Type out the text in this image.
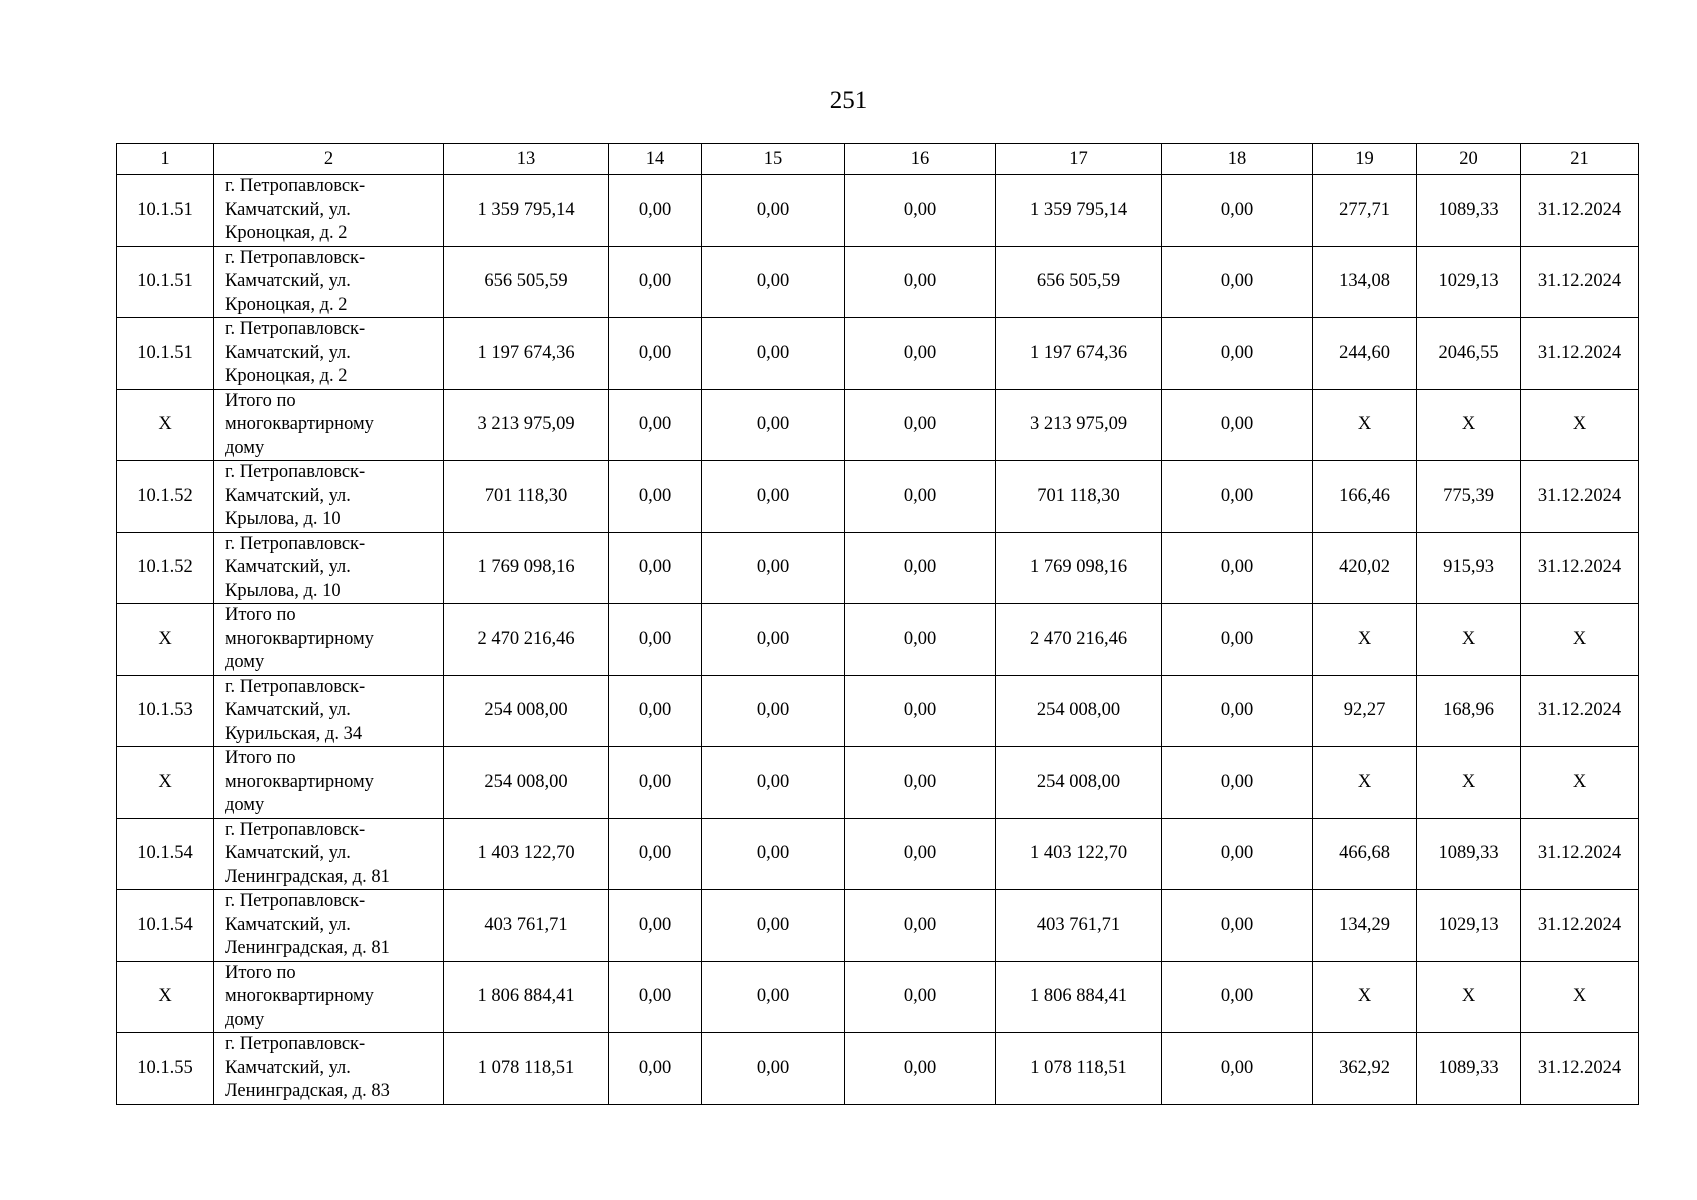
251
1	2	13	14	15	16	17	18	19	20	21
10.1.51	г. Петропавловск-
Камчатский, ул.
Кроноцкая, д. 2	1 359 795,14	0,00	0,00	0,00	1 359 795,14	0,00	277,71	1089,33	31.12.2024
10.1.51	г. Петропавловск-
Камчатский, ул.
Кроноцкая, д. 2	656 505,59	0,00	0,00	0,00	656 505,59	0,00	134,08	1029,13	31.12.2024
10.1.51	г. Петропавловск-
Камчатский, ул.
Кроноцкая, д. 2	1 197 674,36	0,00	0,00	0,00	1 197 674,36	0,00	244,60	2046,55	31.12.2024
X	Итого по
многоквартирному
дому	3 213 975,09	0,00	0,00	0,00	3 213 975,09	0,00	X	X	X
10.1.52	г. Петропавловск-
Камчатский, ул.
Крылова, д. 10	701 118,30	0,00	0,00	0,00	701 118,30	0,00	166,46	775,39	31.12.2024
10.1.52	г. Петропавловск-
Камчатский, ул.
Крылова, д. 10	1 769 098,16	0,00	0,00	0,00	1 769 098,16	0,00	420,02	915,93	31.12.2024
X	Итого по
многоквартирному
дому	2 470 216,46	0,00	0,00	0,00	2 470 216,46	0,00	X	X	X
10.1.53	г. Петропавловск-
Камчатский, ул.
Курильская, д. 34	254 008,00	0,00	0,00	0,00	254 008,00	0,00	92,27	168,96	31.12.2024
X	Итого по
многоквартирному
дому	254 008,00	0,00	0,00	0,00	254 008,00	0,00	X	X	X
10.1.54	г. Петропавловск-
Камчатский, ул.
Ленинградская, д. 81	1 403 122,70	0,00	0,00	0,00	1 403 122,70	0,00	466,68	1089,33	31.12.2024
10.1.54	г. Петропавловск-
Камчатский, ул.
Ленинградская, д. 81	403 761,71	0,00	0,00	0,00	403 761,71	0,00	134,29	1029,13	31.12.2024
X	Итого по
многоквартирному
дому	1 806 884,41	0,00	0,00	0,00	1 806 884,41	0,00	X	X	X
10.1.55	г. Петропавловск-
Камчатский, ул.
Ленинградская, д. 83	1 078 118,51	0,00	0,00	0,00	1 078 118,51	0,00	362,92	1089,33	31.12.2024
